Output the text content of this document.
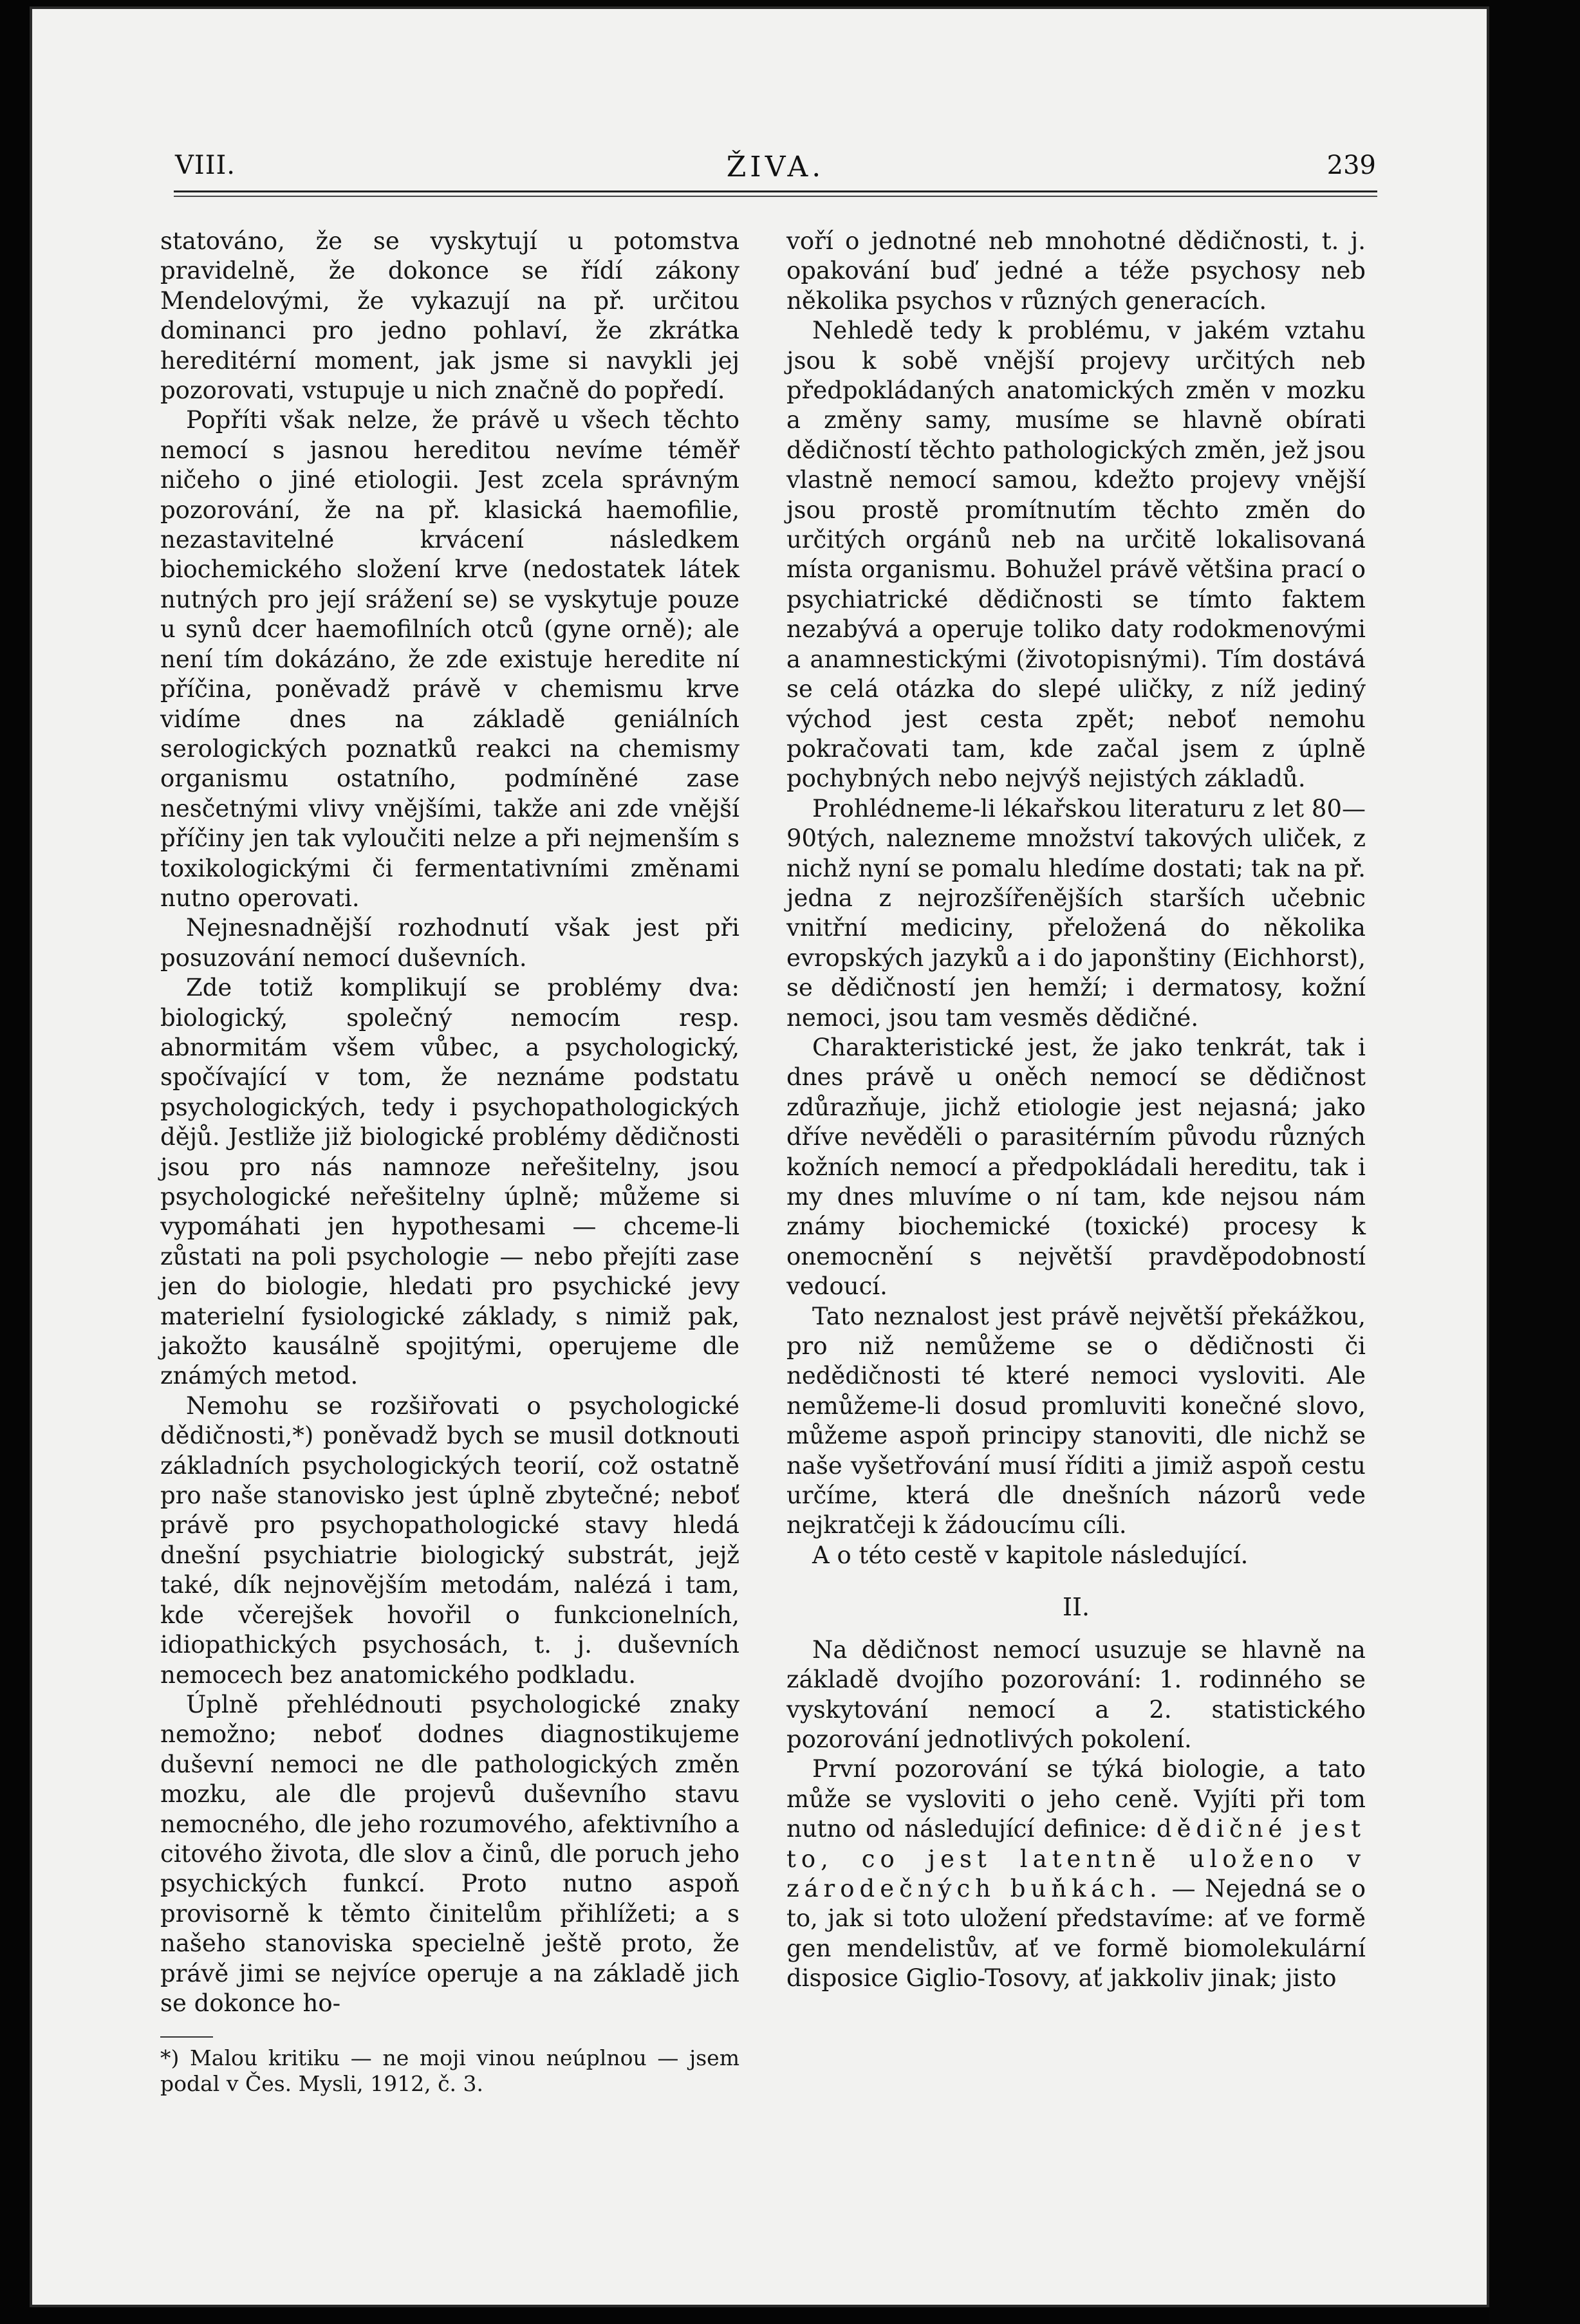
VIII.	ŽIVA.	239

statováno, že se vyskytují u potomstva pravidelně, že dokonce se řídí zákony Mendelovými, že vykazují na př. určitou dominanci pro jedno pohlaví, že zkrátka hereditérní moment, jak jsme si navykli jej pozorovati, vstupuje u nich značně do popředí.

Popříti však nelze, že právě u všech těchto nemocí s jasnou hereditou nevíme téměř ničeho o jiné etiologii. Jest zcela správným pozorování, že na př. klasická haemofilie, nezastavitelné krvácení následkem biochemického složení krve (nedostatek látek nutných pro její srážení se) se vyskytuje pouze u synů dcer haemofilních otců (gyne orně); ale není tím dokázáno, že zde existuje heredite ní příčina, poněvadž právě v chemismu krve vidíme dnes na základě geniálních serologických poznatků reakci na chemismy organismu ostatního, podmíněné zase nesčetnými vlivy vnějšími, takže ani zde vnější příčiny jen tak vyloučiti nelze a při nejmenším s toxikologickými či fermentativními změnami nutno operovati.

Nejnesnadnější rozhodnutí však jest při posuzování nemocí duševních.

Zde totiž komplikují se problémy dva: biologický, společný nemocím resp. abnormitám všem vůbec, a psychologický, spočívající v tom, že neznáme podstatu psychologických, tedy i psychopathologických dějů. Jestliže již biologické problémy dědičnosti jsou pro nás namnoze neřešitelny, jsou psychologické neřešitelny úplně; můžeme si vypomáhati jen hypothesami — chceme-li zůstati na poli psychologie — nebo přejíti zase jen do biologie, hledati pro psychické jevy materielní fysiologické základy, s nimiž pak, jakožto kausálně spojitými, operujeme dle známých metod.

Nemohu se rozšiřovati o psychologické dědičnosti,*) poněvadž bych se musil dotknouti základních psychologických teorií, což ostatně pro naše stanovisko jest úplně zbytečné; neboť právě pro psychopathologické stavy hledá dnešní psychiatrie biologický substrát, jejž také, dík nejnovějším metodám, nalézá i tam, kde včerejšek hovořil o funkcionelních, idiopathických psychosách, t. j. duševních nemocech bez anatomického podkladu.

Úplně přehlédnouti psychologické znaky nemožno; neboť dodnes diagnostikujeme duševní nemoci ne dle pathologických změn mozku, ale dle projevů duševního stavu nemocného, dle jeho rozumového, afektivního a citového života, dle slov a činů, dle poruch jeho psychických funkcí. Proto nutno aspoň provisorně k těmto činitelům přihlížeti; a s našeho stanoviska specielně ještě proto, že právě jimi se nejvíce operuje a na základě jich se dokonce ho-

*) Malou kritiku — ne moji vinou neúplnou — jsem podal v Čes. Mysli, 1912, č. 3.

voří o jednotné neb mnohotné dědičnosti, t. j. opakování buď jedné a téže psychosy neb několika psychos v různých generacích.

Nehledě tedy k problému, v jakém vztahu jsou k sobě vnější projevy určitých neb předpokládaných anatomických změn v mozku a změny samy, musíme se hlavně obírati dědičností těchto pathologických změn, jež jsou vlastně nemocí samou, kdežto projevy vnější jsou prostě promítnutím těchto změn do určitých orgánů neb na určitě lokalisovaná místa organismu. Bohužel právě většina prací o psychiatrické dědičnosti se tímto faktem nezabývá a operuje toliko daty rodokmenovými a anamnestickými (životopisnými). Tím dostává se celá otázka do slepé uličky, z níž jediný východ jest cesta zpět; neboť nemohu pokračovati tam, kde začal jsem z úplně pochybných nebo nejvýš nejistých základů.

Prohlédneme-li lékařskou literaturu z let 80—90tých, nalezneme množství takových uliček, z nichž nyní se pomalu hledíme dostati; tak na př. jedna z nejrozšířenějších starších učebnic vnitřní mediciny, přeložená do několika evropských jazyků a i do japonštiny (Eichhorst), se dědičností jen hemží; i dermatosy, kožní nemoci, jsou tam vesměs dědičné.

Charakteristické jest, že jako tenkrát, tak i dnes právě u oněch nemocí se dědičnost zdůrazňuje, jichž etiologie jest nejasná; jako dříve nevěděli o parasitérním původu různých kožních nemocí a předpokládali hereditu, tak i my dnes mluvíme o ní tam, kde nejsou nám známy biochemické (toxické) procesy k onemocnění s největší pravděpodobností vedoucí.

Tato neznalost jest právě největší překážkou, pro niž nemůžeme se o dědičnosti či nedědičnosti té které nemoci vysloviti. Ale nemůžeme-li dosud promluviti konečné slovo, můžeme aspoň principy stanoviti, dle nichž se naše vyšetřování musí říditi a jimiž aspoň cestu určíme, která dle dnešních názorů vede nejkratčeji k žádoucímu cíli.

A o této cestě v kapitole následující.

II.

Na dědičnost nemocí usuzuje se hlavně na základě dvojího pozorování: 1. rodinného se vyskytování nemocí a 2. statistického pozorování jednotlivých pokolení.

První pozorování se týká biologie, a tato může se vysloviti o jeho ceně. Vyjíti při tom nutno od následující definice: dědičné jest to, co jest latentně uloženo v zárodečných buňkách. — Nejedná se o to, jak si toto uložení představíme: ať ve formě gen mendelistův, ať ve formě biomolekulární disposice Giglio-Tosovy, ať jakkoliv jinak; jisto
